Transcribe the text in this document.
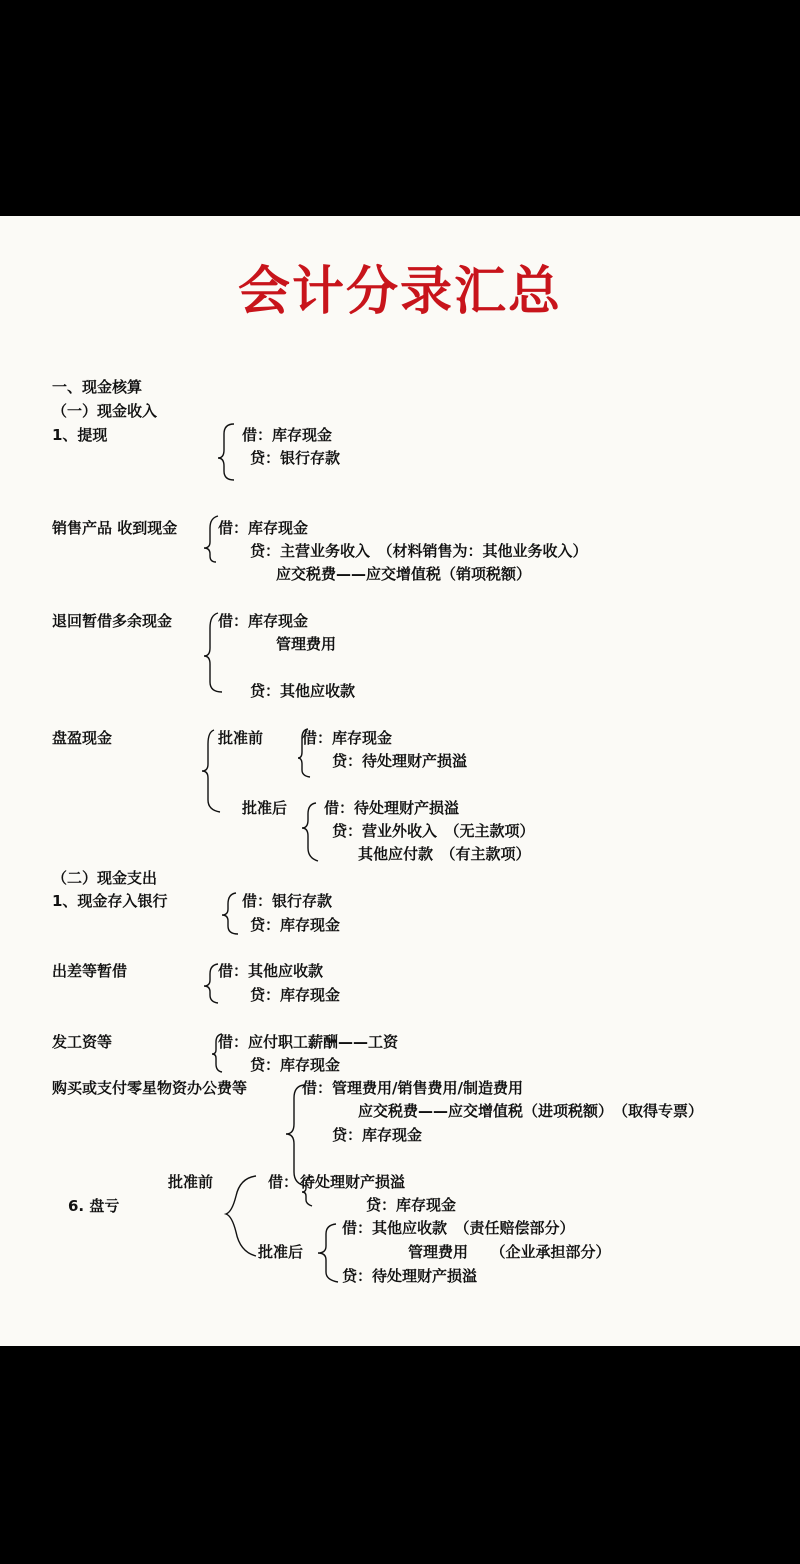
会计分录汇总
一、现金核算
（一）现金收入
1、提现	借：库存现金
贷：银行存款
销售产品 收到现金	借：库存现金
贷：主营业务收入　（材料销售为：其他业务收入）
应交税费——应交增值税（销项税额）
退回暂借多余现金	借：库存现金
管理费用
贷：其他应收款
盘盈现金	批准前	借：库存现金
贷：待处理财产损溢
批准后 借：待处理财产损溢
贷：营业外收入　（无主款项）
其他应付款　（有主款项）
（二）现金支出
1、现金存入银行	借：银行存款
贷：库存现金
出差等暂借	借：其他应收款
贷：库存现金
发工资等	借：应付职工薪酬——工资
贷：库存现金
购买或支付零星物资办公费等	借：管理费用/销售费用/制造费用
应交税费——应交增值税（进项税额）　（取得专票）
贷：库存现金
6. 盘亏
批准前	借： 待处理财产损溢
贷：库存现金
批准后
借：其他应收款　（责任赔偿部分）
管理费用　　（企业承担部分）
贷：待处理财产损溢
